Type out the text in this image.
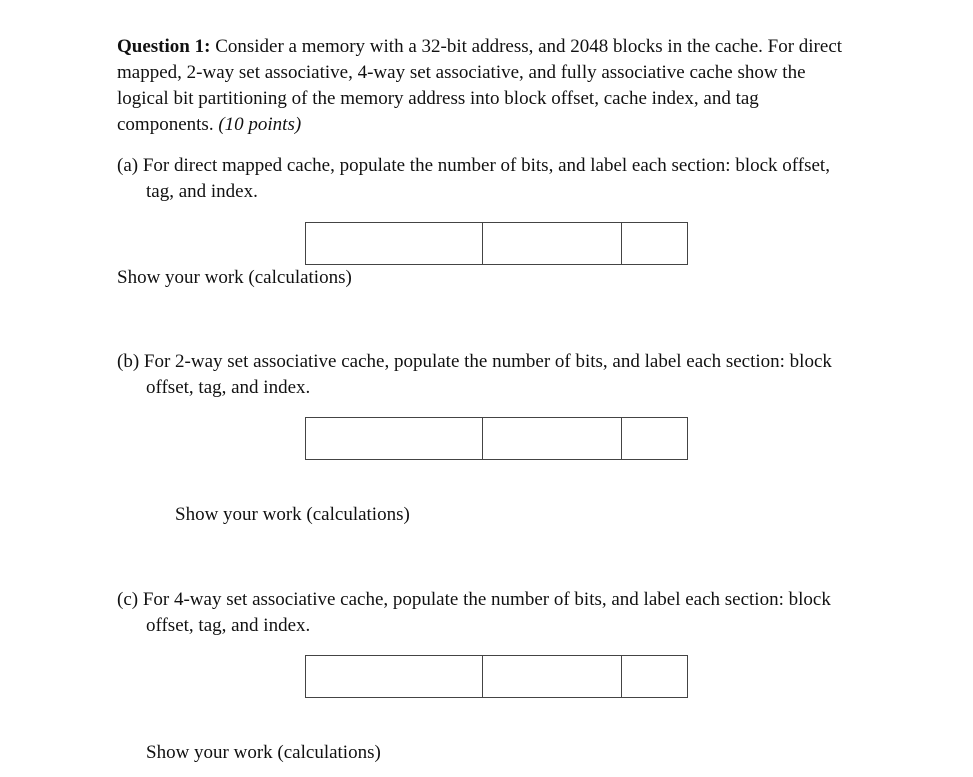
Question 1: Consider a memory with a 32-bit address, and 2048 blocks in the cache. For direct
mapped, 2-way set associative, 4-way set associative, and fully associative cache show the
logical bit partitioning of the memory address into block offset, cache index, and tag
components. (10 points)
(a) For direct mapped cache, populate the number of bits, and label each section: block offset,
tag, and index.
Show your work (calculations)
(b) For 2-way set associative cache, populate the number of bits, and label each section: block
offset, tag, and index.
Show your work (calculations)
(c) For 4-way set associative cache, populate the number of bits, and label each section: block
offset, tag, and index.
Show your work (calculations)
